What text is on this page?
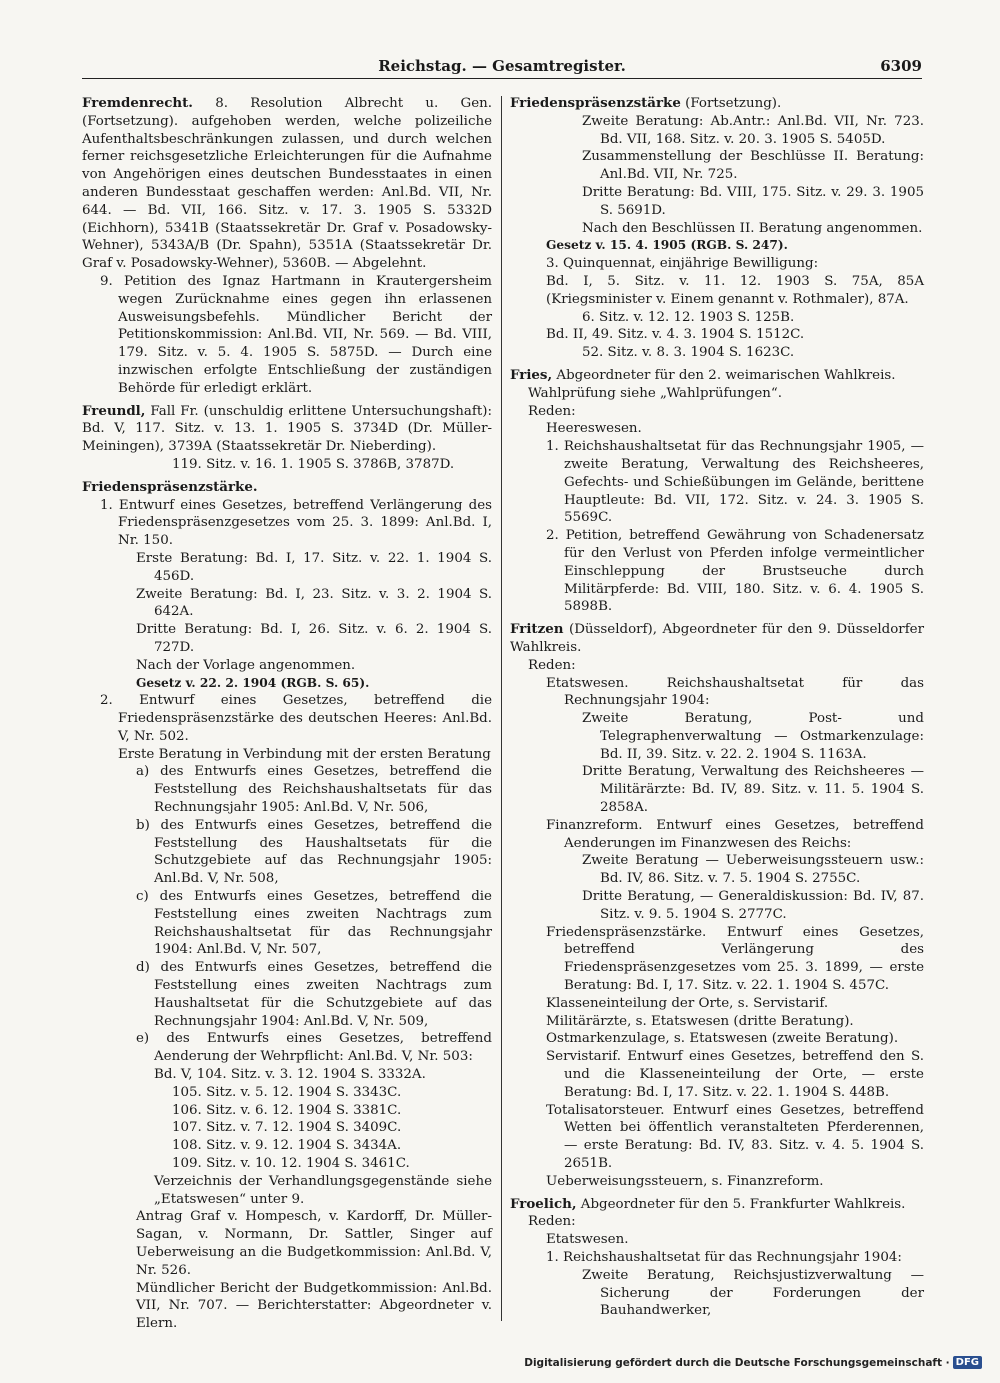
Reichstag. — Gesamtregister.	6309
Fremdenrecht. 8. Resolution Albrecht u. Gen. (Fortsetzung). aufgehoben werden, welche polizeiliche Aufenthaltsbeschränkungen zulassen, und durch welchen ferner reichsgesetzliche Erleichterungen für die Aufnahme von Angehörigen eines deutschen Bundesstaates in einen anderen Bundesstaat geschaffen werden: Anl.Bd. VII, Nr. 644. — Bd. VII, 166. Sitz. v. 17. 3. 1905 S. 5332D (Eichhorn), 5341B (Staatssekretär Dr. Graf v. Posadowsky-Wehner), 5343A/B (Dr. Spahn), 5351A (Staatssekretär Dr. Graf v. Posadowsky-Wehner), 5360B. — Abgelehnt.
9. Petition des Ignaz Hartmann in Krautergersheim wegen Zurücknahme eines gegen ihn erlassenen Ausweisungsbefehls. Mündlicher Bericht der Petitionskommission: Anl.Bd. VII, Nr. 569. — Bd. VIII, 179. Sitz. v. 5. 4. 1905 S. 5875D. — Durch eine inzwischen erfolgte Entschließung der zuständigen Behörde für erledigt erklärt.
Freundl, Fall Fr. (unschuldig erlittene Untersuchungshaft): Bd. V, 117. Sitz. v. 13. 1. 1905 S. 3734D (Dr. Müller-Meiningen), 3739A (Staatssekretär Dr. Nieberding).
119. Sitz. v. 16. 1. 1905 S. 3786B, 3787D.
Friedenspräsenzstärke.
1. Entwurf eines Gesetzes, betreffend Verlängerung des Friedenspräsenzgesetzes vom 25. 3. 1899: Anl.Bd. I, Nr. 150.
Erste Beratung: Bd. I, 17. Sitz. v. 22. 1. 1904 S. 456D.
Zweite Beratung: Bd. I, 23. Sitz. v. 3. 2. 1904 S. 642A.
Dritte Beratung: Bd. I, 26. Sitz. v. 6. 2. 1904 S. 727D.
Nach der Vorlage angenommen.
Gesetz v. 22. 2. 1904 (RGB. S. 65).
2. Entwurf eines Gesetzes, betreffend die Friedenspräsenzstärke des deutschen Heeres: Anl.Bd. V, Nr. 502.
Erste Beratung in Verbindung mit der ersten Beratung
a) des Entwurfs eines Gesetzes, betreffend die Feststellung des Reichshaushaltsetats für das Rechnungsjahr 1905: Anl.Bd. V, Nr. 506,
b) des Entwurfs eines Gesetzes, betreffend die Feststellung des Haushaltsetats für die Schutzgebiete auf das Rechnungsjahr 1905: Anl.Bd. V, Nr. 508,
c) des Entwurfs eines Gesetzes, betreffend die Feststellung eines zweiten Nachtrags zum Reichshaushaltsetat für das Rechnungsjahr 1904: Anl.Bd. V, Nr. 507,
d) des Entwurfs eines Gesetzes, betreffend die Feststellung eines zweiten Nachtrags zum Haushaltsetat für die Schutzgebiete auf das Rechnungsjahr 1904: Anl.Bd. V, Nr. 509,
e) des Entwurfs eines Gesetzes, betreffend Aenderung der Wehrpflicht: Anl.Bd. V, Nr. 503:
Bd. V, 104. Sitz. v. 3. 12. 1904 S. 3332A.
105. Sitz. v. 5. 12. 1904 S. 3343C.
106. Sitz. v. 6. 12. 1904 S. 3381C.
107. Sitz. v. 7. 12. 1904 S. 3409C.
108. Sitz. v. 9. 12. 1904 S. 3434A.
109. Sitz. v. 10. 12. 1904 S. 3461C.
Verzeichnis der Verhandlungsgegenstände siehe „Etatswesen“ unter 9.
Antrag Graf v. Hompesch, v. Kardorff, Dr. Müller-Sagan, v. Normann, Dr. Sattler, Singer auf Ueberweisung an die Budgetkommission: Anl.Bd. V, Nr. 526.
Mündlicher Bericht der Budgetkommission: Anl.Bd. VII, Nr. 707. — Berichterstatter: Abgeordneter v. Elern.
Friedenspräsenzstärke (Fortsetzung).
Zweite Beratung: Ab.Antr.: Anl.Bd. VII, Nr. 723. Bd. VII, 168. Sitz. v. 20. 3. 1905 S. 5405D.
Zusammenstellung der Beschlüsse II. Beratung: Anl.Bd. VII, Nr. 725.
Dritte Beratung: Bd. VIII, 175. Sitz. v. 29. 3. 1905 S. 5691D.
Nach den Beschlüssen II. Beratung angenommen.
Gesetz v. 15. 4. 1905 (RGB. S. 247).
3. Quinquennat, einjährige Bewilligung:
Bd. I, 5. Sitz. v. 11. 12. 1903 S. 75A, 85A (Kriegsminister v. Einem genannt v. Rothmaler), 87A.
6. Sitz. v. 12. 12. 1903 S. 125B.
Bd. II, 49. Sitz. v. 4. 3. 1904 S. 1512C.
52. Sitz. v. 8. 3. 1904 S. 1623C.
Fries, Abgeordneter für den 2. weimarischen Wahlkreis.
Wahlprüfung siehe „Wahlprüfungen“.
Reden:
Heereswesen.
1. Reichshaushaltsetat für das Rechnungsjahr 1905, — zweite Beratung, Verwaltung des Reichsheeres, Gefechts- und Schießübungen im Gelände, berittene Hauptleute: Bd. VII, 172. Sitz. v. 24. 3. 1905 S. 5569C.
2. Petition, betreffend Gewährung von Schadenersatz für den Verlust von Pferden infolge vermeintlicher Einschleppung der Brustseuche durch Militärpferde: Bd. VIII, 180. Sitz. v. 6. 4. 1905 S. 5898B.
Fritzen (Düsseldorf), Abgeordneter für den 9. Düsseldorfer Wahlkreis.
Reden:
Etatswesen. Reichshaushaltsetat für das Rechnungsjahr 1904:
Zweite Beratung, Post- und Telegraphenverwaltung — Ostmarkenzulage: Bd. II, 39. Sitz. v. 22. 2. 1904 S. 1163A.
Dritte Beratung, Verwaltung des Reichsheeres — Militärärzte: Bd. IV, 89. Sitz. v. 11. 5. 1904 S. 2858A.
Finanzreform. Entwurf eines Gesetzes, betreffend Aenderungen im Finanzwesen des Reichs:
Zweite Beratung — Ueberweisungssteuern usw.: Bd. IV, 86. Sitz. v. 7. 5. 1904 S. 2755C.
Dritte Beratung, — Generaldiskussion: Bd. IV, 87. Sitz. v. 9. 5. 1904 S. 2777C.
Friedenspräsenzstärke. Entwurf eines Gesetzes, betreffend Verlängerung des Friedenspräsenzgesetzes vom 25. 3. 1899, — erste Beratung: Bd. I, 17. Sitz. v. 22. 1. 1904 S. 457C.
Klasseneinteilung der Orte, s. Servistarif.
Militärärzte, s. Etatswesen (dritte Beratung).
Ostmarkenzulage, s. Etatswesen (zweite Beratung).
Servistarif. Entwurf eines Gesetzes, betreffend den S. und die Klasseneinteilung der Orte, — erste Beratung: Bd. I, 17. Sitz. v. 22. 1. 1904 S. 448B.
Totalisatorsteuer. Entwurf eines Gesetzes, betreffend Wetten bei öffentlich veranstalteten Pferderennen, — erste Beratung: Bd. IV, 83. Sitz. v. 4. 5. 1904 S. 2651B.
Ueberweisungssteuern, s. Finanzreform.
Froelich, Abgeordneter für den 5. Frankfurter Wahlkreis.
Reden:
Etatswesen.
1. Reichshaushaltsetat für das Rechnungsjahr 1904:
Zweite Beratung, Reichsjustizverwaltung — Sicherung der Forderungen der Bauhandwerker,
Digitalisierung gefördert durch die Deutsche Forschungsgemeinschaft · DFG
